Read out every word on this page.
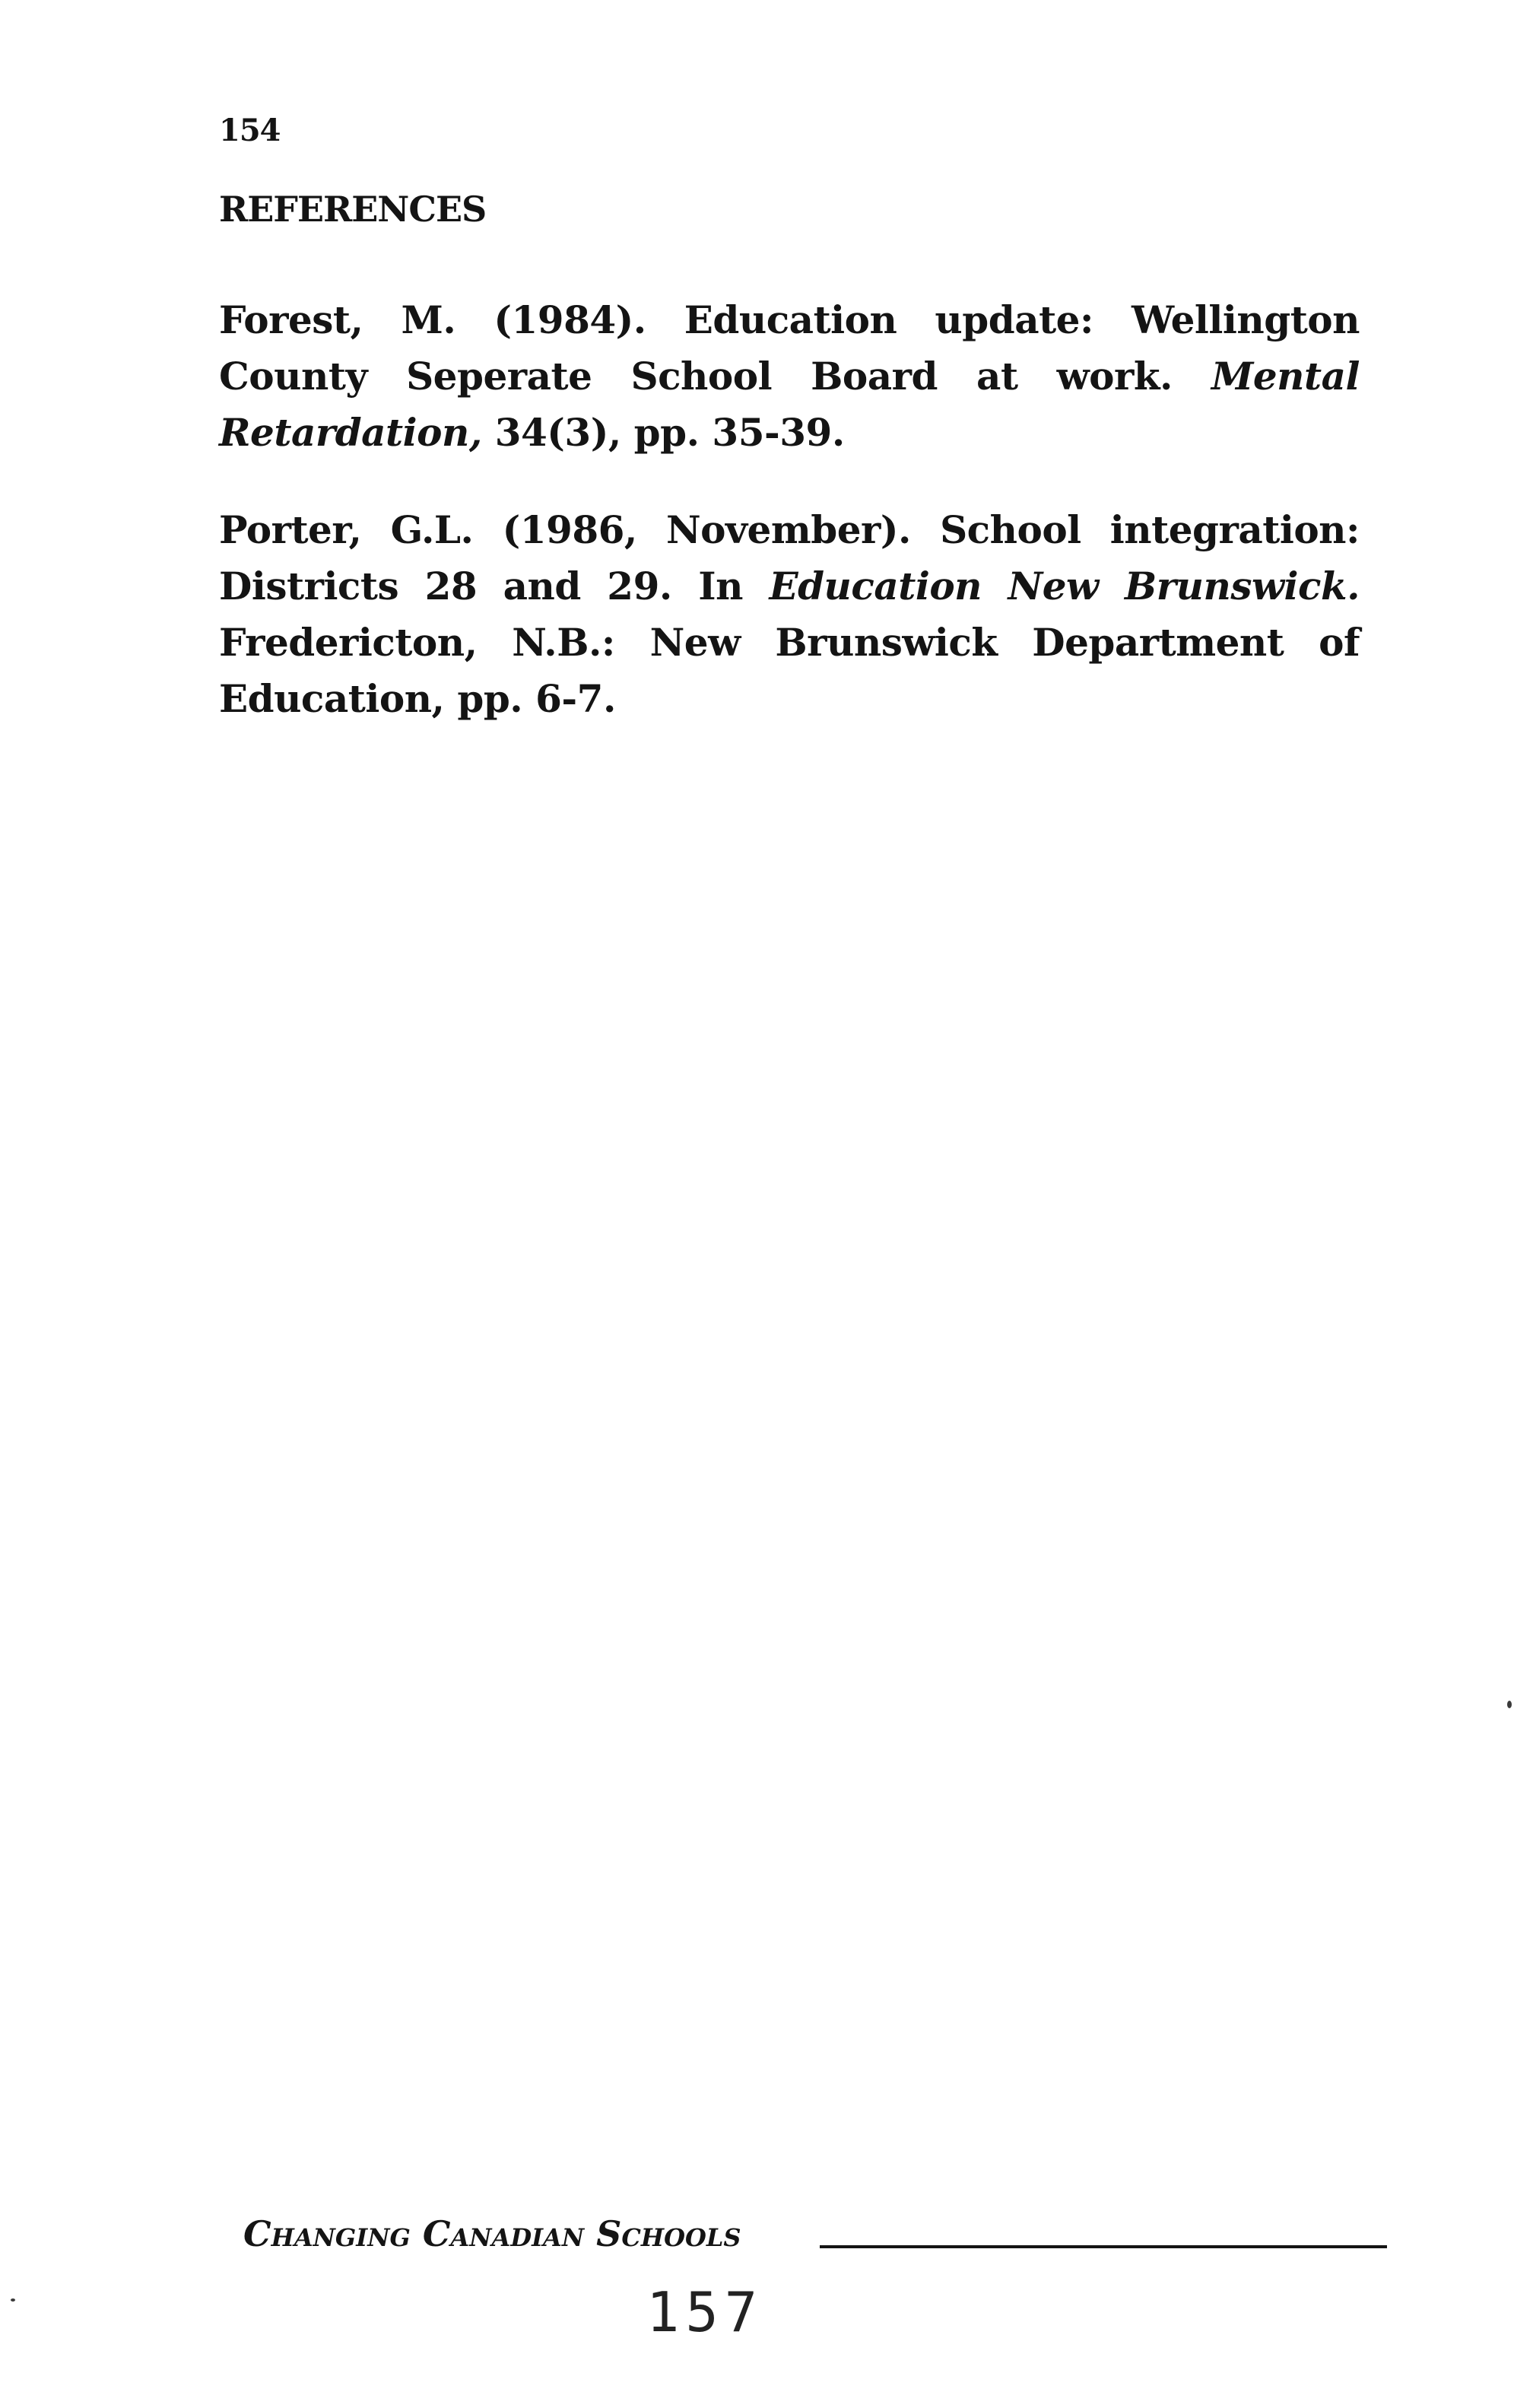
154
REFERENCES

Forest, M. (1984). Education update: Wellington County Seperate School Board at work. Mental Retardation, 34(3), pp. 35-39.

Porter, G.L. (1986, November). School integration: Districts 28 and 29. In Education New Brunswick. Fredericton, N.B.: New Brunswick Department of Education, pp. 6-7.

Changing Canadian Schools
157
